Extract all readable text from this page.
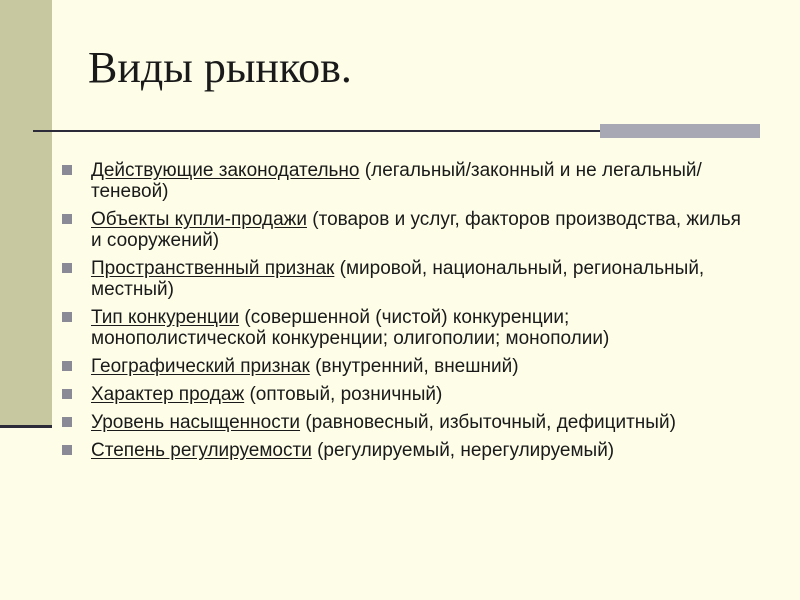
Виды рынков.
Действующие законодательно (легальный/законный и не легальный/теневой)
Объекты купли-продажи (товаров и услуг, факторов производства, жилья и сооружений)
Пространственный признак (мировой, национальный, региональный, местный)
Тип конкуренции (совершенной (чистой) конкуренции; монополистической конкуренции; олигополии; монополии)
Географический признак (внутренний, внешний)
Характер продаж (оптовый, розничный)
Уровень насыщенности (равновесный, избыточный, дефицитный)
Степень регулируемости (регулируемый, нерегулируемый)
